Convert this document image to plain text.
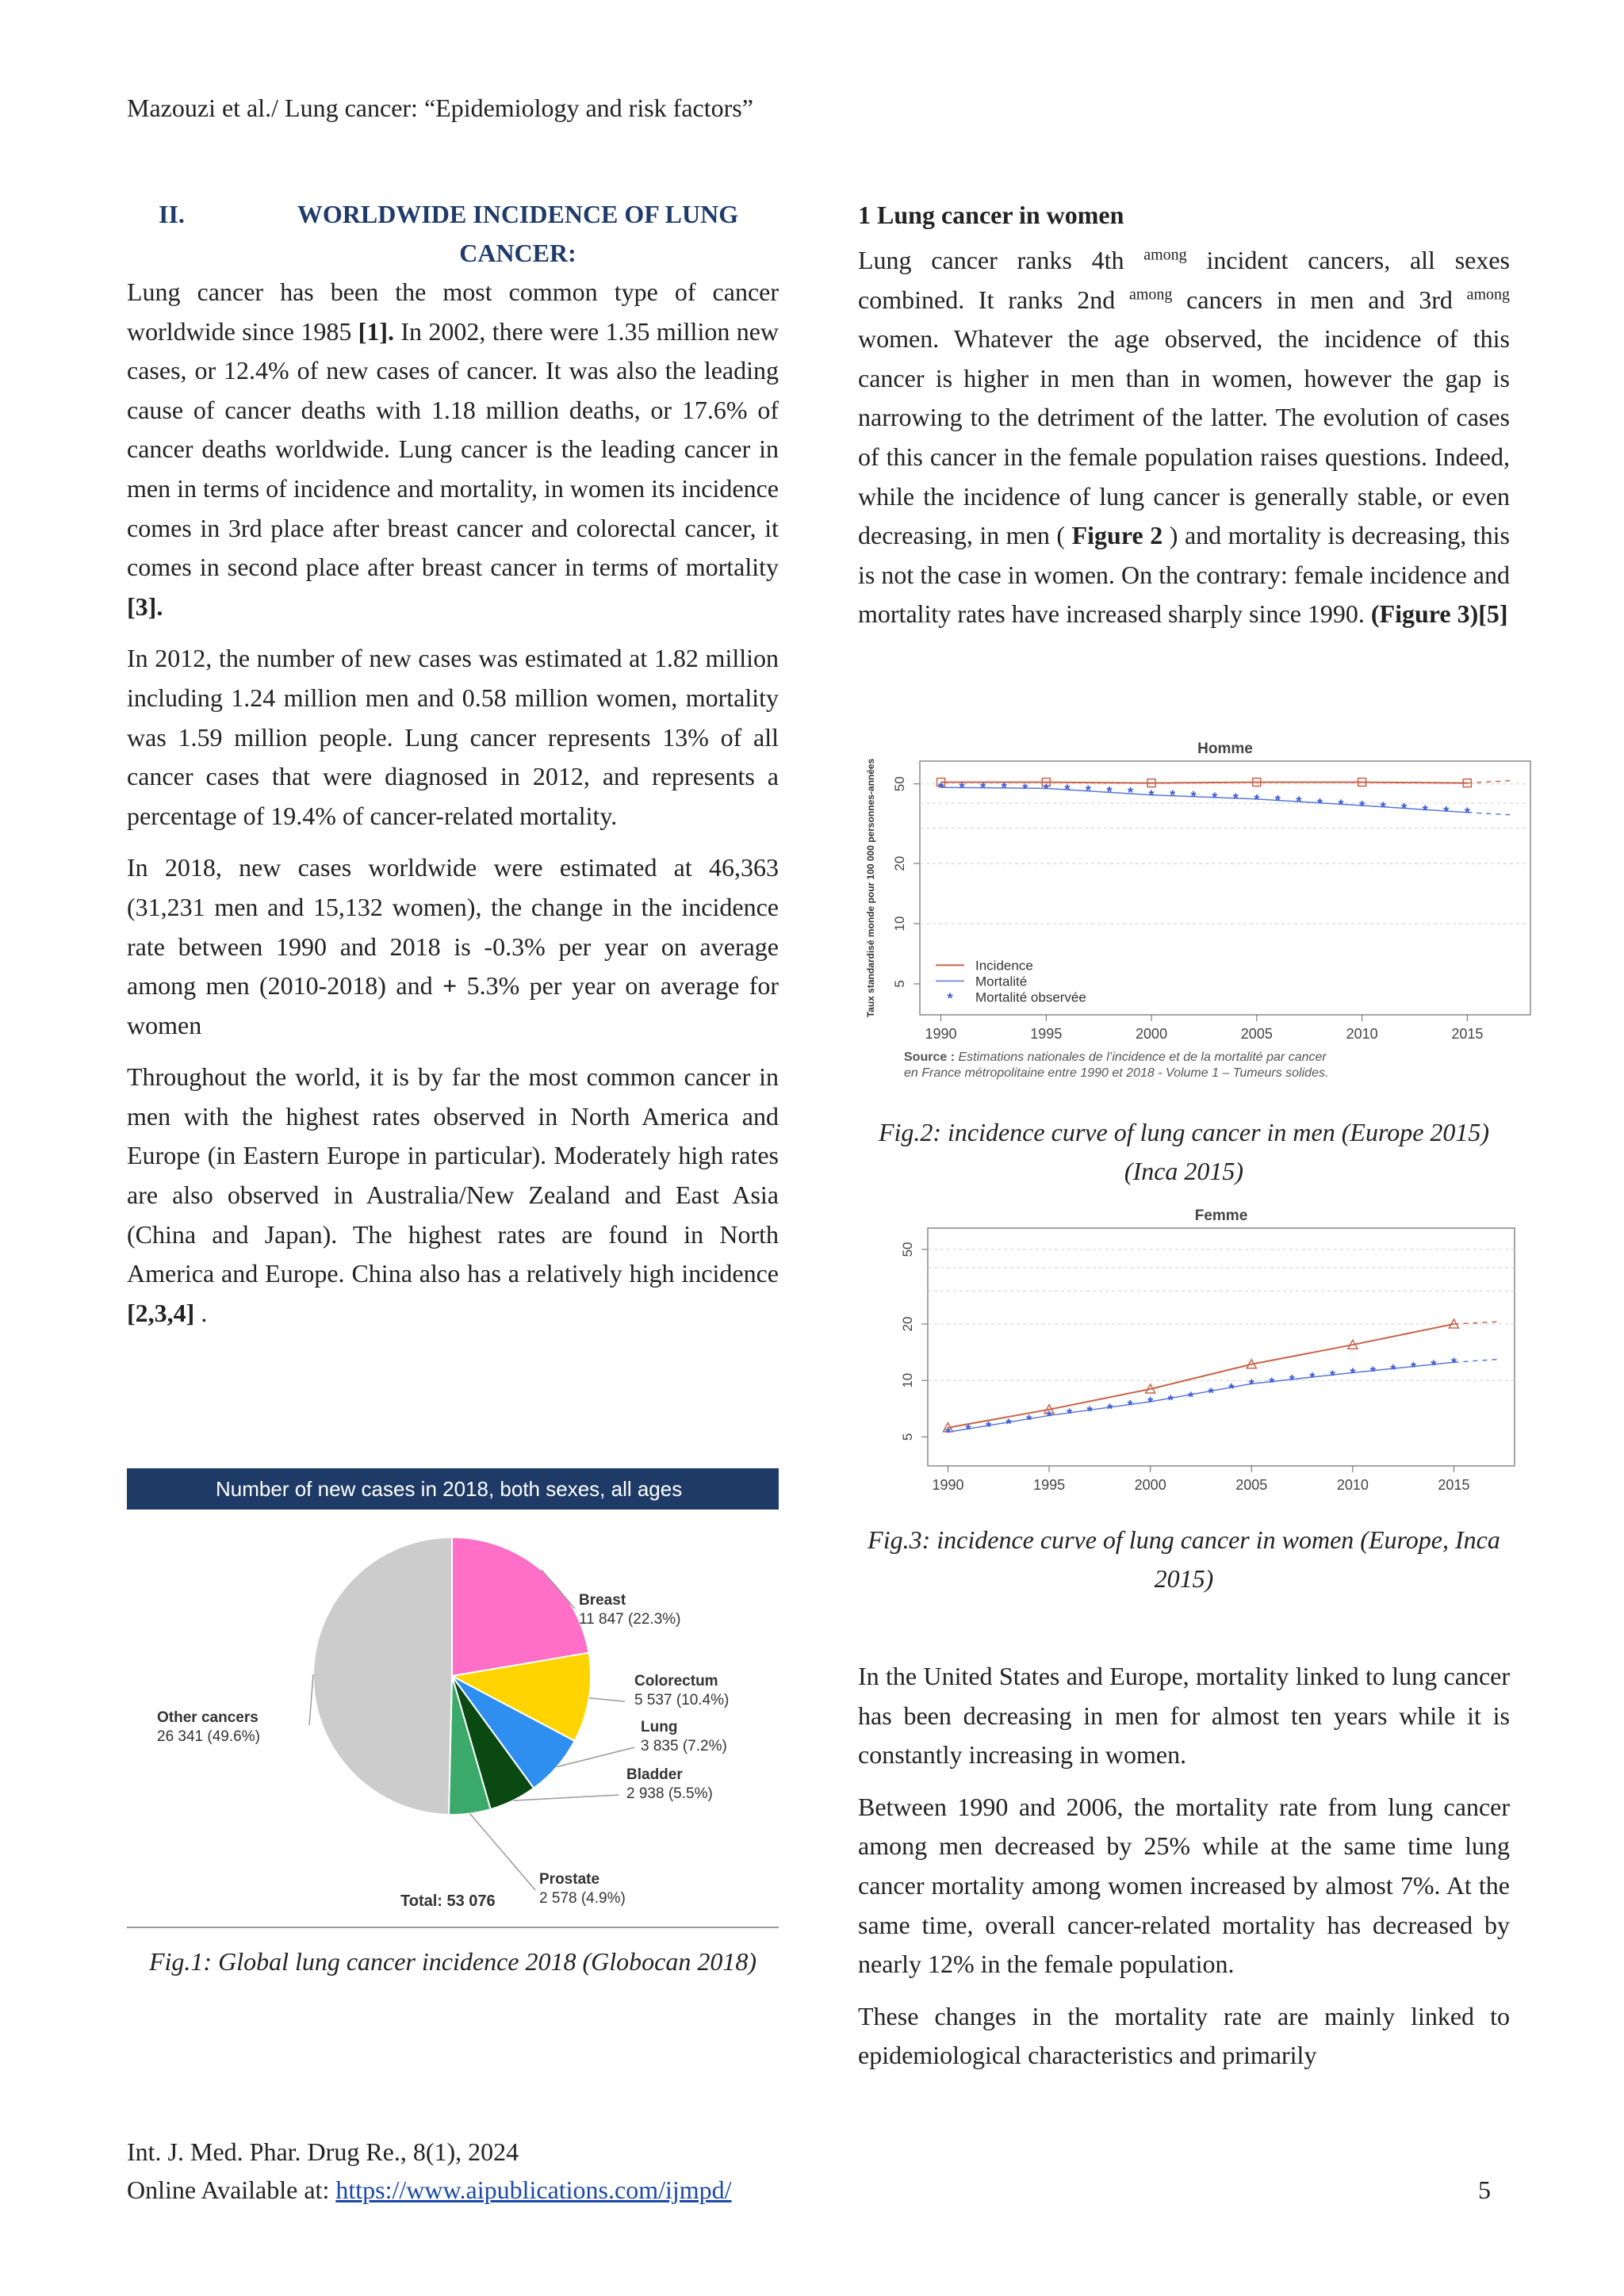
Mazouzi et al./ Lung cancer: “Epidemiology and risk factors”
II.	WORLDWIDE INCIDENCE OF LUNG CANCER:

Lung cancer has been the most common type of cancer worldwide since 1985 [1]. In 2002, there were 1.35 million new cases, or 12.4% of new cases of cancer. It was also the leading cause of cancer deaths with 1.18 million deaths, or 17.6% of cancer deaths worldwide. Lung cancer is the leading cancer in men in terms of incidence and mortality, in women its incidence comes in 3rd place after breast cancer and colorectal cancer, it comes in second place after breast cancer in terms of mortality [3].

In 2012, the number of new cases was estimated at 1.82 million including 1.24 million men and 0.58 million women, mortality was 1.59 million people. Lung cancer represents 13% of all cancer cases that were diagnosed in 2012, and represents a percentage of 19.4% of cancer-related mortality.

In 2018, new cases worldwide were estimated at 46,363 (31,231 men and 15,132 women), the change in the incidence rate between 1990 and 2018 is -0.3% per year on average among men (2010-2018) and + 5.3% per year on average for women

Throughout the world, it is by far the most common cancer in men with the highest rates observed in North America and Europe (in Eastern Europe in particular). Moderately high rates are also observed in Australia/New Zealand and East Asia (China and Japan). The highest rates are found in North America and Europe. China also has a relatively high incidence [2,3,4] .

Number of new cases in 2018, both sexes, all ages
Breast
11 847 (22.3%)
Colorectum
5 537 (10.4%)
Lung
3 835 (7.2%)
Bladder
2 938 (5.5%)
Prostate
2 578 (4.9%)
Other cancers
26 341 (49.6%)
Total: 53 076

Fig.1: Global lung cancer incidence 2018 (Globocan 2018)

1 Lung cancer in women

Lung cancer ranks 4th $^{among}$ incident cancers, all sexes combined. It ranks 2nd $^{among}$ cancers in men and 3rd $^{among}$ women. Whatever the age observed, the incidence of this cancer is higher in men than in women, however the gap is narrowing to the detriment of the latter. The evolution of cases of this cancer in the female population raises questions. Indeed, while the incidence of lung cancer is generally stable, or even decreasing, in men ( Figure 2 ) and mortality is decreasing, this is not the case in women. On the contrary: female incidence and mortality rates have increased sharply since 1990. (Figure 3)[5]

Homme
5
10
20
50
1990	1995	2000	2005	2010	2015
* * * * * * * * * * * * * * * * * * * * * * * * * *
Incidence
Mortalité
* Mortalité observée
Taux standardisé monde pour 100 000 personnes-années
Source : Estimations nationales de l’incidence et de la mortalité par cancer
en France métropolitaine entre 1990 et 2018 - Volume 1 – Tumeurs solides.

Fig.2: incidence curve of lung cancer in men (Europe 2015) (Inca 2015)

Femme
5
10
20
50
1990	1995	2000	2005	2010	2015
* * * * * * * * * * * * * * * * * * * * * * * * * *

Fig.3: incidence curve of lung cancer in women (Europe, Inca 2015)

In the United States and Europe, mortality linked to lung cancer has been decreasing in men for almost ten years while it is constantly increasing in women.

Between 1990 and 2006, the mortality rate from lung cancer among men decreased by 25% while at the same time lung cancer mortality among women increased by almost 7%. At the same time, overall cancer-related mortality has decreased by nearly 12% in the female population.

These changes in the mortality rate are mainly linked to epidemiological characteristics and primarily

Int. J. Med. Phar. Drug Re., 8(1), 2024
Online Available at: https://www.aipublications.com/ijmpd/	5
